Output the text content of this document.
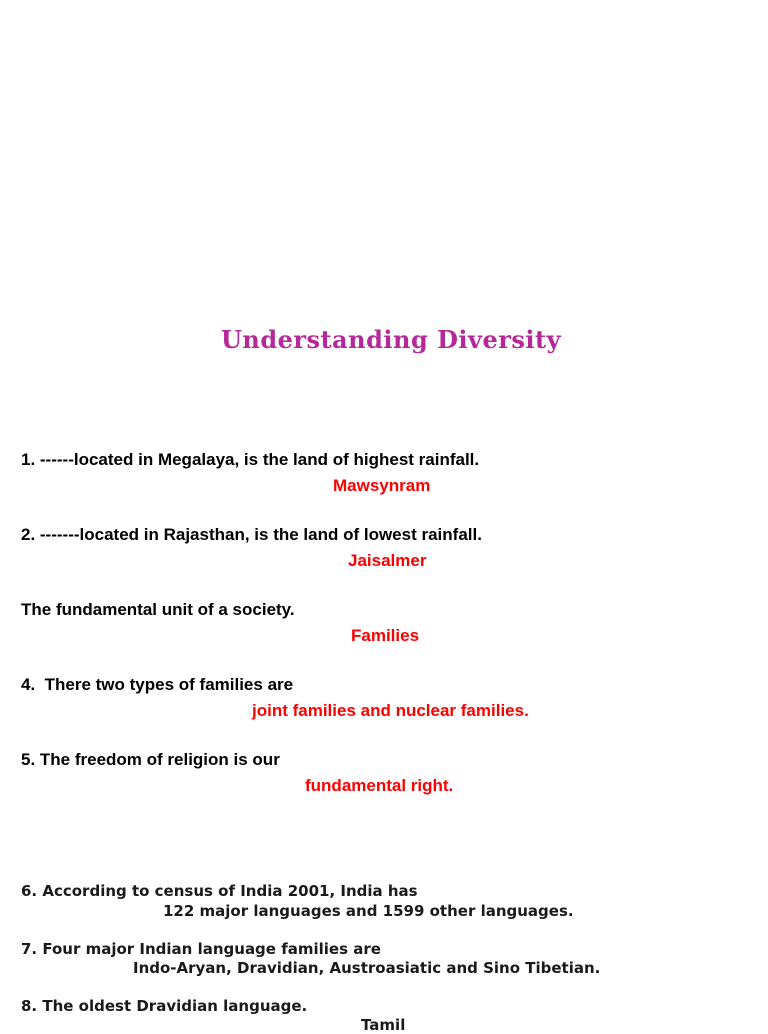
Understanding Diversity
1. ------located in Megalaya, is the land of highest rainfall.
Mawsynram
2. -------located in Rajasthan, is the land of lowest rainfall.
Jaisalmer
The fundamental unit of a society.
Families
4.  There two types of families are
joint families and nuclear families.
5. The freedom of religion is our
fundamental right.
6. According to census of India 2001, India has
122 major languages and 1599 other languages.
7. Four major Indian language families are
Indo-Aryan, Dravidian, Austroasiatic and Sino Tibetian.
8. The oldest Dravidian language.
Tamil
